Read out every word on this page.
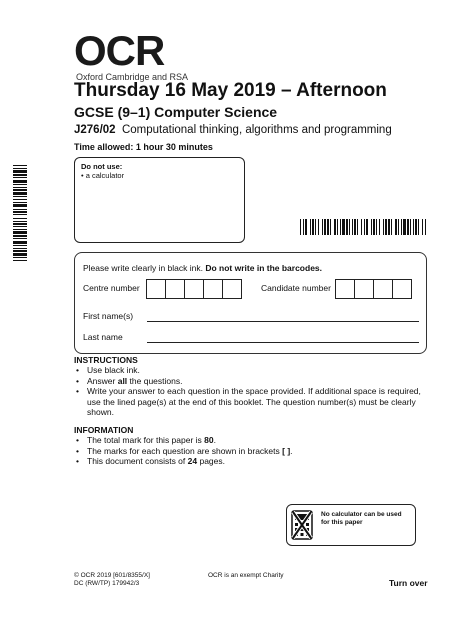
OCR
Oxford Cambridge and RSA
Thursday 16 May 2019 – Afternoon
GCSE (9–1) Computer Science
J276/02 Computational thinking, algorithms and programming
Time allowed: 1 hour 30 minutes
Do not use:
• a calculator
Please write clearly in black ink. Do not write in the barcodes.
Centre number	Candidate number
First name(s)
Last name
INSTRUCTIONS
• Use black ink.
• Answer all the questions.
• Write your answer to each question in the space provided. If additional space is required, use the lined page(s) at the end of this booklet. The question number(s) must be clearly shown.
INFORMATION
• The total mark for this paper is 80.
• The marks for each question are shown in brackets [ ].
• This document consists of 24 pages.
No calculator can be used for this paper
© OCR 2019 [601/8355/X]
DC (RW/TP) 179942/3
OCR is an exempt Charity
Turn over
